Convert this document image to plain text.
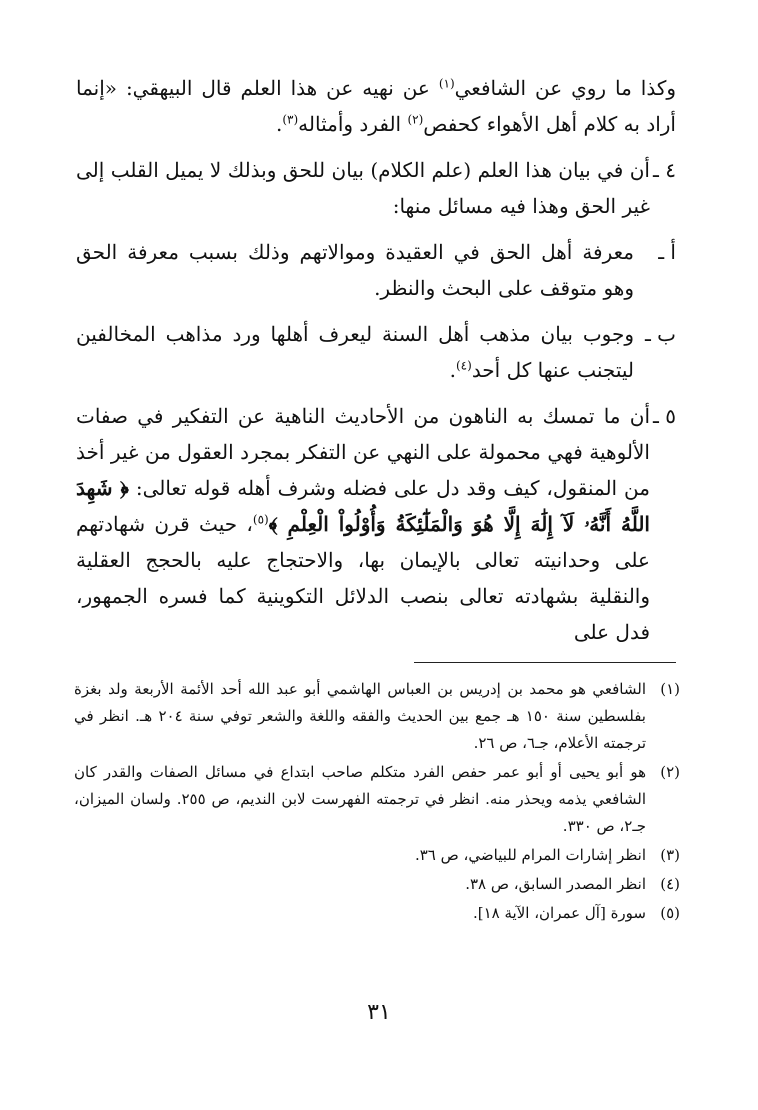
وكذا ما روي عن الشافعي$^{(١)}$ عن نهيه عن هذا العلم قال البيهقي: «إنما أراد به كلام أهل الأهواء كحفص$^{(٢)}$ الفرد وأمثاله$^{(٣)}$.

٤ ـ
أن في بيان هذا العلم (علم الكلام) بيان للحق وبذلك لا يميل القلب إلى غير الحق وهذا فيه مسائل منها:
أ ـ
معرفة أهل الحق في العقيدة وموالاتهم وذلك بسبب معرفة الحق وهو متوقف على البحث والنظر.
ب ـ
وجوب بيان مذهب أهل السنة ليعرف أهلها ورد مذاهب المخالفين ليتجنب عنها كل أحد$^{(٤)}$.
٥ ـ
أن ما تمسك به الناهون من الأحاديث الناهية عن التفكير في صفات الألوهية فهي محمولة على النهي عن التفكر بمجرد العقول من غير أخذ من المنقول، كيف وقد دل على فضله وشرف أهله قوله تعالى: ﴿ شَهِدَ اللَّهُ أَنَّهُۥ لَآ إِلَٰهَ إِلَّا هُوَ وَالْمَلَٰٓئِكَةُ وَأُوْلُواْ الْعِلْمِ ﴾$^{(٥)}$، حيث قرن شهادتهم على وحدانيته تعالى بالإيمان بها، والاحتجاج عليه بالحجج العقلية والنقلية بشهادته تعالى بنصب الدلائل التكوينية كما فسره الجمهور، فدل على
(١)
الشافعي هو محمد بن إدريس بن العباس الهاشمي أبو عبد الله أحد الأئمة الأربعة ولد بغزة بفلسطين سنة ١٥٠ هـ جمع بين الحديث والفقه واللغة والشعر توفي سنة ٢٠٤ هـ. انظر في ترجمته الأعلام، جـ٦، ص ٢٦.
(٢)
هو أبو يحيى أو أبو عمر حفص الفرد متكلم صاحب ابتداع في مسائل الصفات والقدر كان الشافعي يذمه ويحذر منه. انظر في ترجمته الفهرست لابن النديم، ص ٢٥٥. ولسان الميزان، جـ٢، ص ٣٣٠.
(٣)
انظر إشارات المرام للبياضي، ص ٣٦.
(٤)
انظر المصدر السابق، ص ٣٨.
(٥)
سورة [آل عمران، الآية ١٨].
٣١
